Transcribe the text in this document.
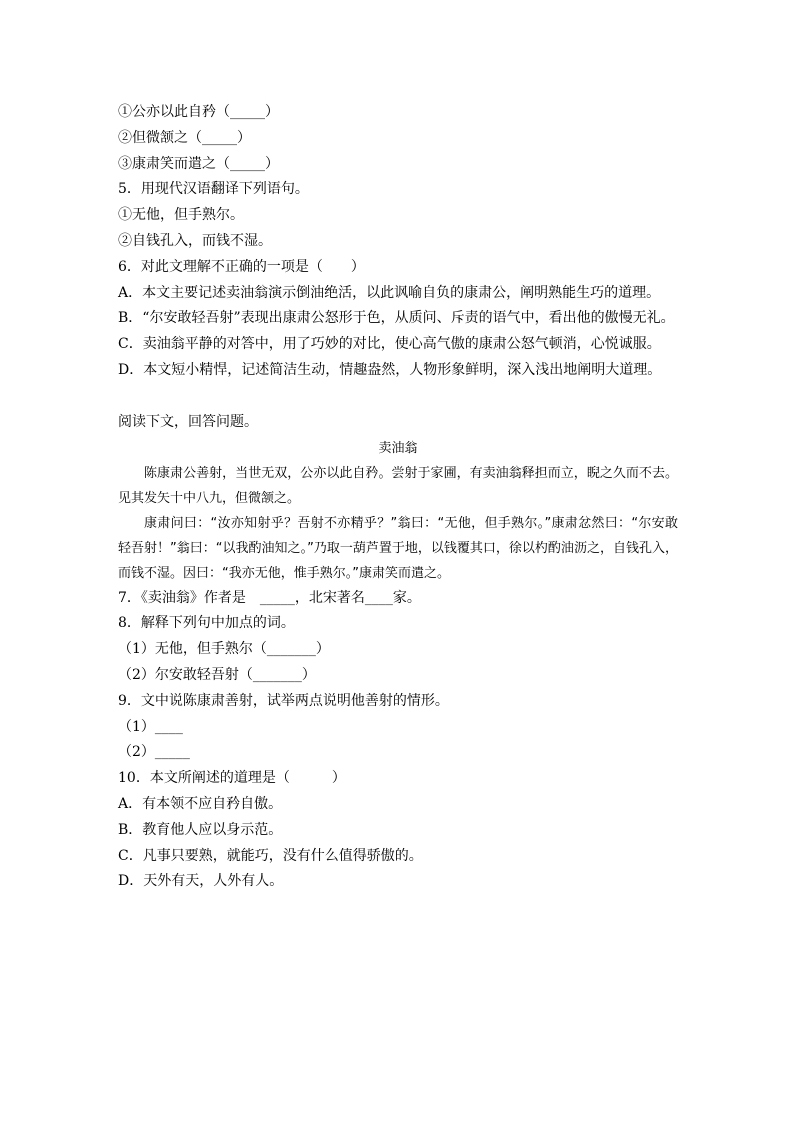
①公亦以此自矜（_____）
②但微颔之（_____）
③康肃笑而遣之（_____）
5．用现代汉语翻译下列语句。
①无他，但手熟尔。
②自钱孔入，而钱不湿。
6．对此文理解不正确的一项是（　　）
A．本文主要记述卖油翁演示倒油绝活，以此讽喻自负的康肃公，阐明熟能生巧的道理。
B．“尔安敢轻吾射”表现出康肃公怒形于色，从质问、斥责的语气中，看出他的傲慢无礼。
C．卖油翁平静的对答中，用了巧妙的对比，使心高气傲的康肃公怒气顿消，心悦诚服。
D．本文短小精悍，记述简洁生动，情趣盎然，人物形象鲜明，深入浅出地阐明大道理。
阅读下文，回答问题。
卖油翁

陈康肃公善射，当世无双，公亦以此自矜。尝射于家圃，有卖油翁释担而立，睨之久而不去。见其发矢十中八九，但微颔之。

康肃问曰：“汝亦知射乎？吾射不亦精乎？”翁曰：“无他，但手熟尔。”康肃忿然曰：“尔安敢轻吾射！”翁曰：“以我酌油知之。”乃取一葫芦置于地，以钱覆其口，徐以杓酌油沥之，自钱孔入，而钱不湿。因曰：“我亦无他，惟手熟尔。”康肃笑而遣之。

7．《卖油翁》作者是　_____，北宋著名____家。
8．解释下列句中加点的词。
（1）无他，但手熟尔（_______）
（2）尔安敢轻吾射（_______）
9．文中说陈康肃善射，试举两点说明他善射的情形。
（1）____
（2）_____
10．本文所阐述的道理是（　　　）
A．有本领不应自矜自傲。
B．教育他人应以身示范。
C．凡事只要熟，就能巧，没有什么值得骄傲的。
D．天外有天，人外有人。
